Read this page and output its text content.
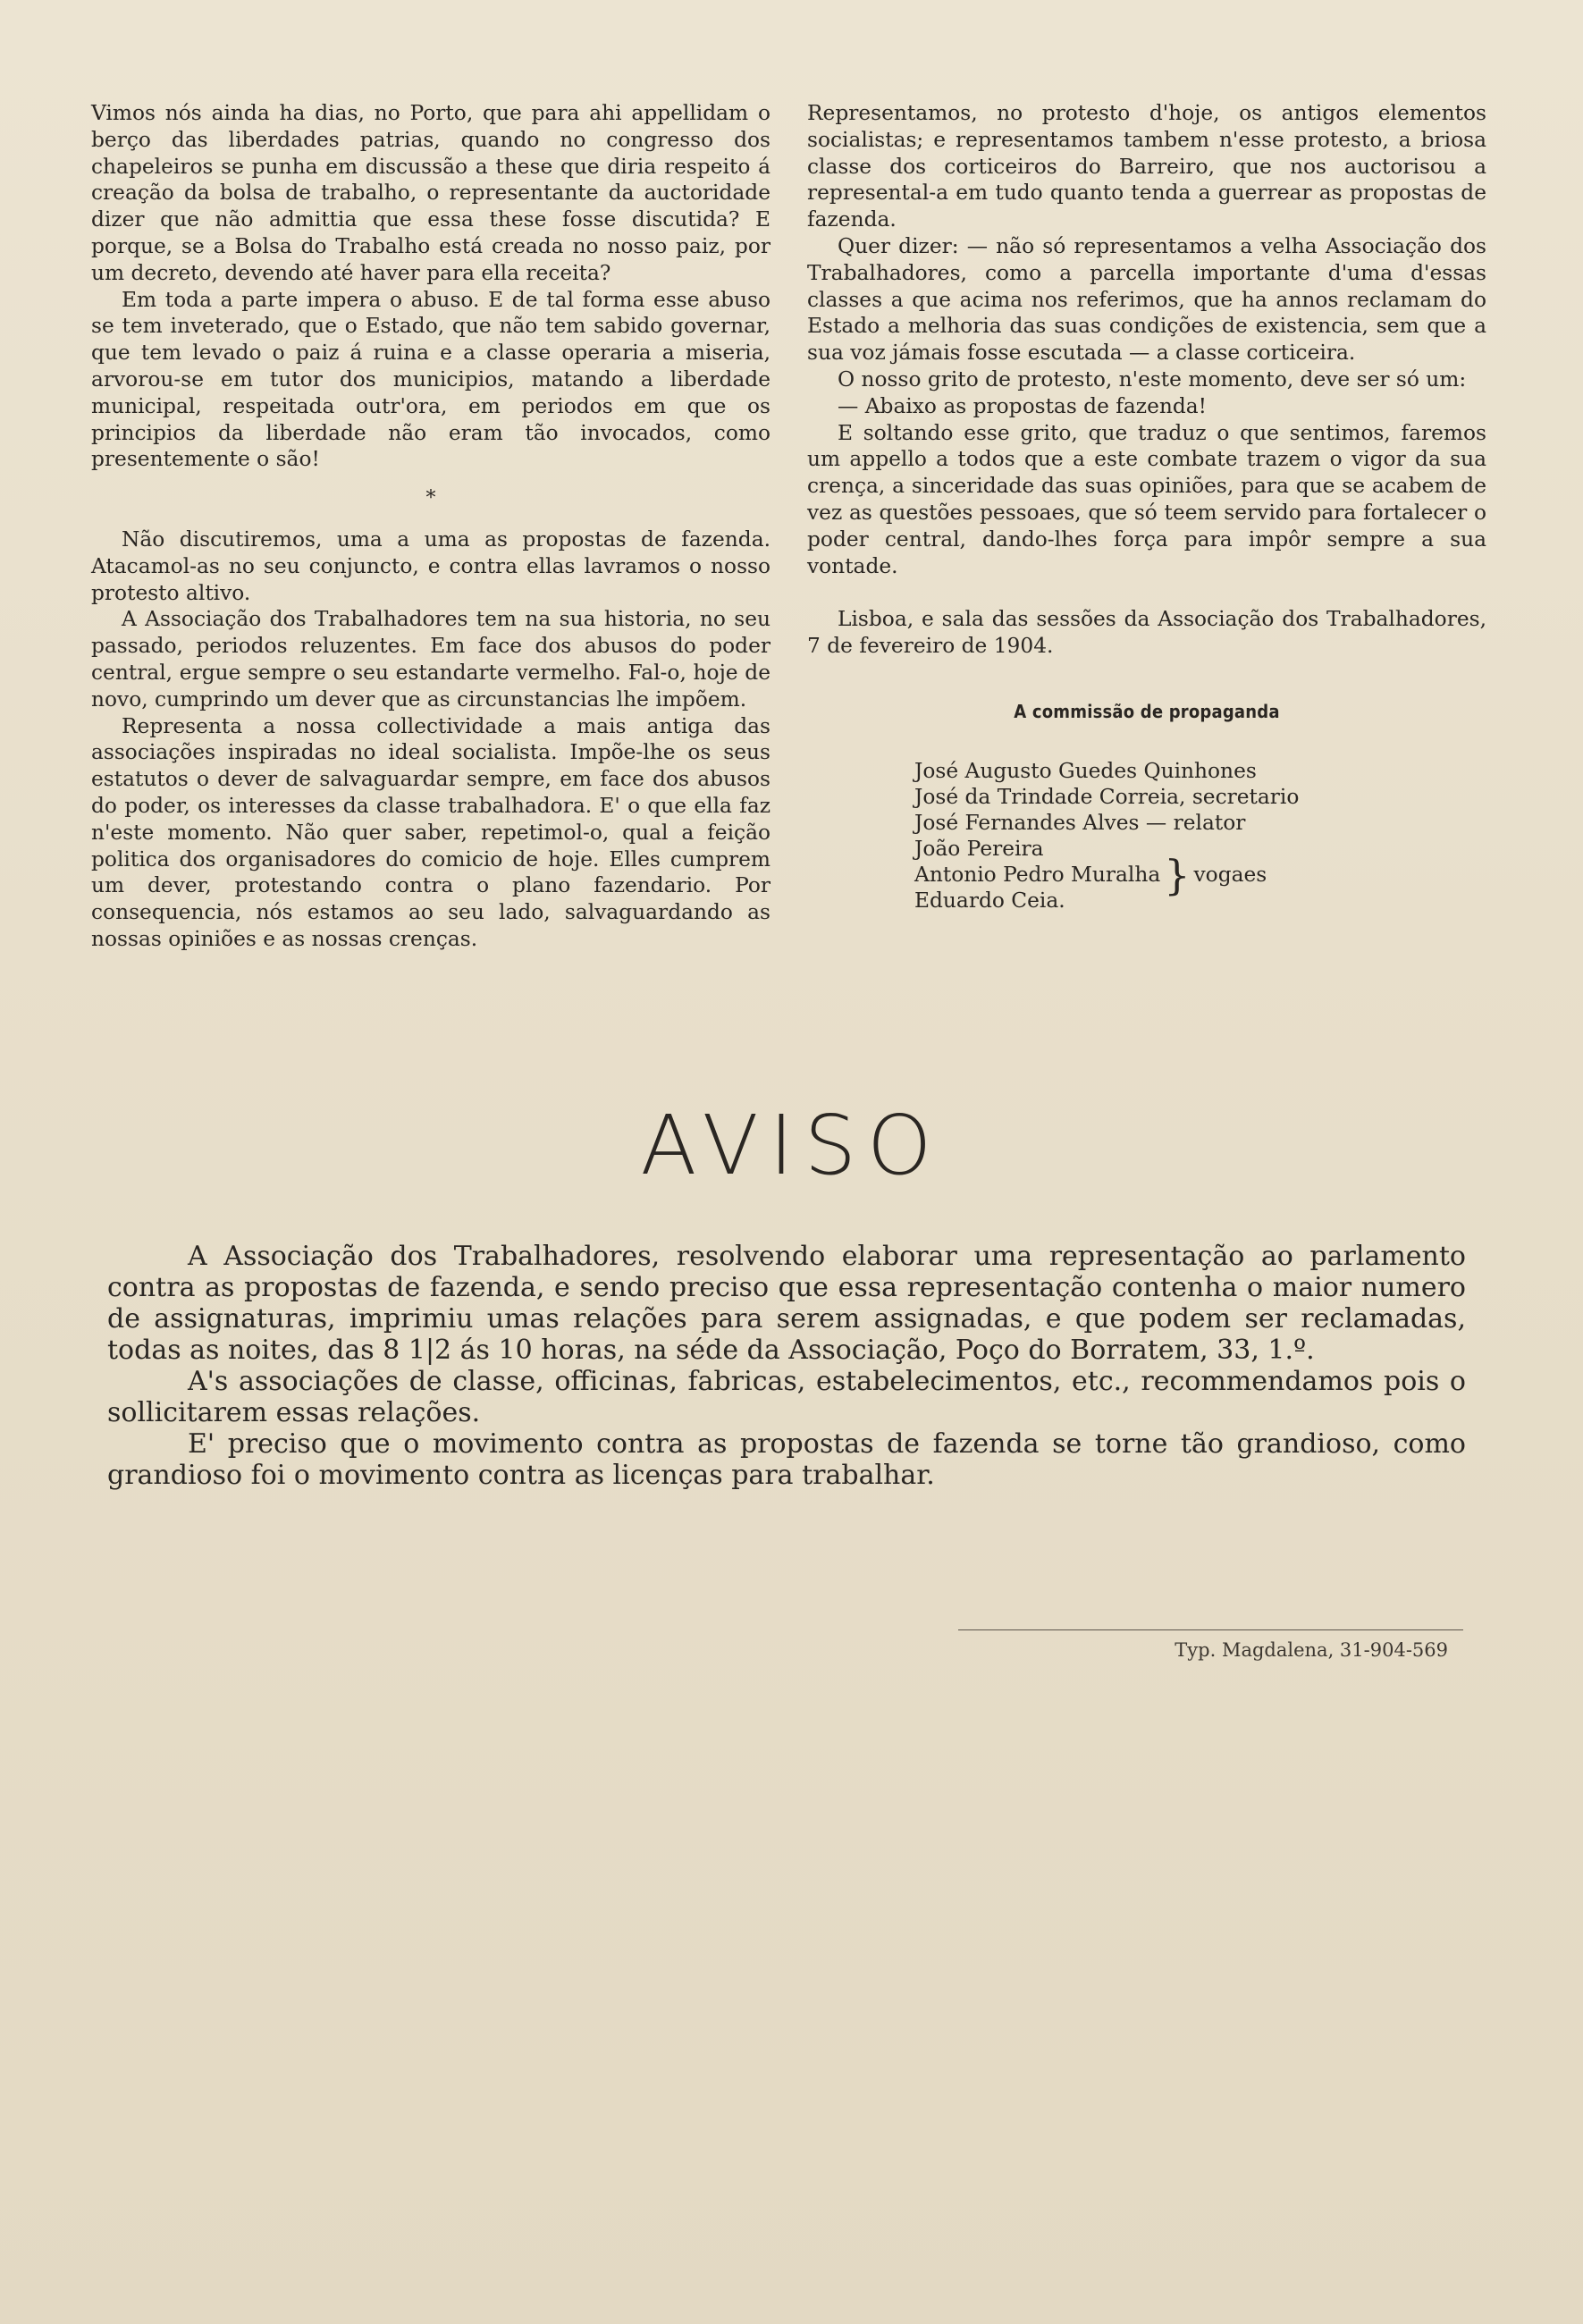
Vimos nós ainda ha dias, no Porto, que para ahi appellidam o berço das liberdades patrias, quando no congresso dos chapeleiros se punha em discussão a these que diria respeito á creação da bolsa de trabalho, o representante da auctoridade dizer que não admittia que essa these fosse discutida? E porque, se a Bolsa do Trabalho está creada no nosso paiz, por um decreto, devendo até haver para ella receita?

Em toda a parte impera o abuso. E de tal forma esse abuso se tem inveterado, que o Estado, que não tem sabido governar, que tem levado o paiz á ruina e a classe operaria a miseria, arvorou-se em tutor dos municipios, matando a liberdade municipal, respeitada outr'ora, em periodos em que os principios da liberdade não eram tão invocados, como presentemente o são!

*

Não discutiremos, uma a uma as propostas de fazenda. Atacamol-as no seu conjuncto, e contra ellas lavramos o nosso protesto altivo.

A Associação dos Trabalhadores tem na sua historia, no seu passado, periodos reluzentes. Em face dos abusos do poder central, ergue sempre o seu estandarte vermelho. Fal-o, hoje de novo, cumprindo um dever que as circunstancias lhe impõem.

Representa a nossa collectividade a mais antiga das associações inspiradas no ideal socialista. Impõe-lhe os seus estatutos o dever de salvaguardar sempre, em face dos abusos do poder, os interesses da classe trabalhadora. E' o que ella faz n'este momento. Não quer saber, repetimol-o, qual a feição politica dos organisadores do comicio de hoje. Elles cumprem um dever, protestando contra o plano fazendario. Por consequencia, nós estamos ao seu lado, salvaguardando as nossas opiniões e as nossas crenças.

Representamos, no protesto d'hoje, os antigos elementos socialistas; e representamos tambem n'esse protesto, a briosa classe dos corticeiros do Barreiro, que nos auctorisou a represental-a em tudo quanto tenda a guerrear as propostas de fazenda.

Quer dizer: — não só representamos a velha Associação dos Trabalhadores, como a parcella importante d'uma d'essas classes a que acima nos referimos, que ha annos reclamam do Estado a melhoria das suas condições de existencia, sem que a sua voz jámais fosse escutada — a classe corticeira.

O nosso grito de protesto, n'este momento, deve ser só um:

— Abaixo as propostas de fazenda!

E soltando esse grito, que traduz o que sentimos, faremos um appello a todos que a este combate trazem o vigor da sua crença, a sinceridade das suas opiniões, para que se acabem de vez as questões pessoaes, que só teem servido para fortalecer o poder central, dando-lhes força para impôr sempre a sua vontade.

Lisboa, e sala das sessões da Associação dos Trabalhadores, 7 de fevereiro de 1904.

A commissão de propaganda

José Augusto Guedes Quinhones
José da Trindade Correia, secretario
José Fernandes Alves — relator
João Pereira
Antonio Pedro Muralha} vogaes
Eduardo Ceia.
AVISO

A Associação dos Trabalhadores, resolvendo elaborar uma representação ao parlamento contra as propostas de fazenda, e sendo preciso que essa representação contenha o maior numero de assignaturas, imprimiu umas relações para serem assignadas, e que podem ser reclamadas, todas as noites, das 8 1|2 ás 10 horas, na séde da Associação, Poço do Borratem, 33, 1.º.

A's associações de classe, officinas, fabricas, estabelecimentos, etc., recommendamos pois o sollicitarem essas relações.

E' preciso que o movimento contra as propostas de fazenda se torne tão grandioso, como grandioso foi o movimento contra as licenças para trabalhar.

Typ. Magdalena, 31-904-569
